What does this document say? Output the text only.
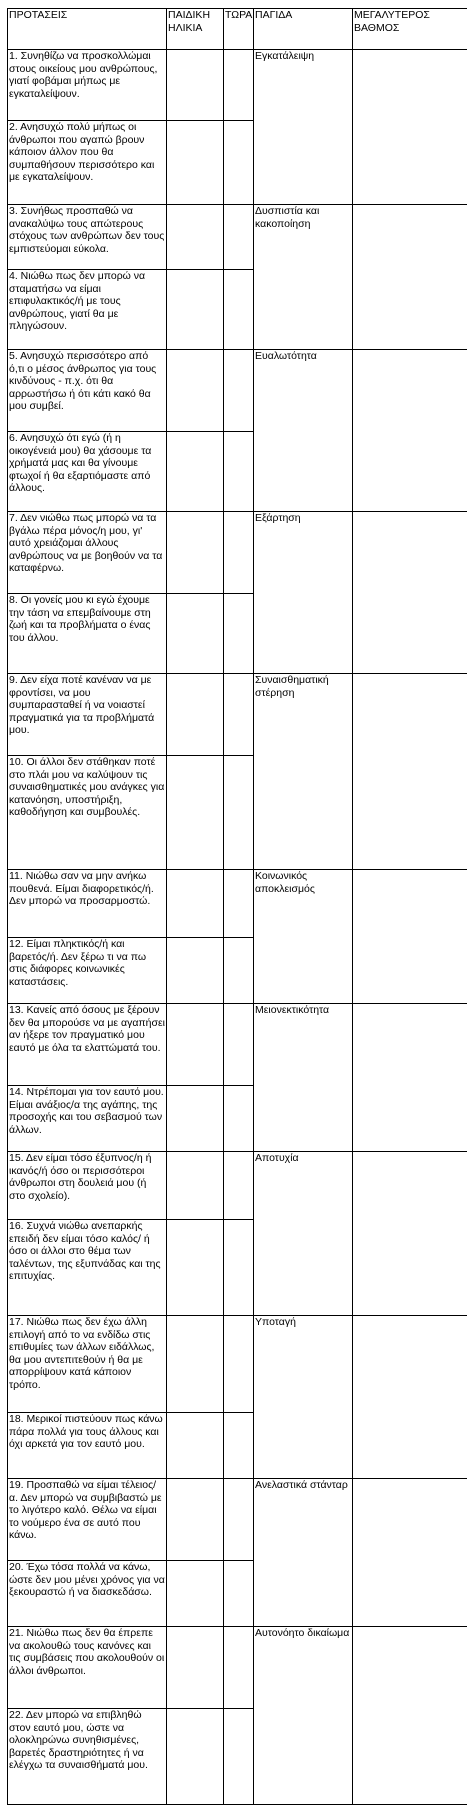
ΠΡΟΤΑΣΕΙΣ	ΠΑΙΔΙΚΗ ΗΛΙΚΙΑ	ΤΩΡΑ	ΠΑΓΙΔΑ	ΜΕΓΑΛΥΤΕΡΟΣ ΒΑΘΜΟΣ
1. Συνηθίζω να προσκολλώμαι στους οικείους μου ανθρώπους, γιατί φοβάμαι μήπως με εγκαταλείψουν.			Εγκατάλειψη	
2. Ανησυχώ πολύ μήπως οι άνθρωποι που αγαπώ βρουν κάποιον άλλον που θα συμπαθήσουν περισσότερο και με εγκαταλείψουν.				
3. Συνήθως προσπαθώ να ανακαλύψω τους απώτερους στόχους των ανθρώπων δεν τους εμπιστεύομαι εύκολα.			Δυσπιστία και κακοποίηση	
4. Νιώθω πως δεν μπορώ να σταματήσω να είμαι επιφυλακτικός/ή με τους ανθρώπους, γιατί θα με πληγώσουν.				
5. Ανησυχώ περισσότερο από ό,τι ο μέσος άνθρωπος για τους κινδύνους - π.χ. ότι θα αρρωστήσω ή ότι κάτι κακό θα μου συμβεί.			Ευαλωτότητα	
6. Ανησυχώ ότι εγώ (ή η οικογένειά μου) θα χάσουμε τα χρήματά μας και θα γίνουμε φτωχοί ή θα εξαρτιόμαστε από άλλους.				
7. Δεν νιώθω πως μπορώ να τα βγάλω πέρα μόνος/η μου, γι' αυτό χρειάζομαι άλλους ανθρώπους να με βοηθούν να τα καταφέρνω.			Εξάρτηση	
8. Οι γονείς μου κι εγώ έχουμε την τάση να επεμβαίνουμε στη ζωή και τα προβλήματα ο ένας του άλλου.				
9. Δεν είχα ποτέ κανέναν να με φροντίσει, να μου συμπαρασταθεί ή να νοιαστεί πραγματικά για τα προβλήματά μου.			Συναισθηματική στέρηση	
10. Οι άλλοι δεν στάθηκαν ποτέ στο πλάι μου να καλύψουν τις συναισθηματικές μου ανάγκες για κατανόηση, υποστήριξη, καθοδήγηση και συμβουλές.				
11. Νιώθω σαν να μην ανήκω πουθενά. Είμαι διαφορετικός/ή. Δεν μπορώ να προσαρμοστώ.			Κοινωνικός αποκλεισμός	
12. Είμαι πληκτικός/ή και βαρετός/ή. Δεν ξέρω τι να πω στις διάφορες κοινωνικές καταστάσεις.				
13. Κανείς από όσους με ξέρουν δεν θα μπορούσε να με αγαπήσει αν ήξερε τον πραγματικό μου εαυτό με όλα τα ελαττώματά του.			Μειονεκτικότητα	
14. Ντρέπομαι για τον εαυτό μου. Είμαι ανάξιος/α της αγάπης, της προσοχής και του σεβασμού των άλλων.				
15. Δεν είμαι τόσο έξυπνος/η ή ικανός/ή όσο οι περισσότεροι άνθρωποι στη δουλειά μου (ή στο σχολείο).			Αποτυχία	
16. Συχνά νιώθω ανεπαρκής επειδή δεν είμαι τόσο καλός/ ή όσο οι άλλοι στο θέμα των ταλέντων, της εξυπνάδας και της επιτυχίας.				
17. Νιώθω πως δεν έχω άλλη επιλογή από το να ενδίδω στις επιθυμίες των άλλων ειδάλλως, θα μου αντεπιτεθούν ή θα με απορρίψουν κατά κάποιον τρόπο.			Υποταγή	
18. Μερικοί πιστεύουν πως κάνω πάρα πολλά για τους άλλους και όχι αρκετά για τον εαυτό μου.				
19. Προσπαθώ να είμαι τέλειος/α. Δεν μπορώ να συμβιβαστώ με το λιγότερο καλό. Θέλω να είμαι το νούμερο ένα σε αυτό που κάνω.			Ανελαστικά στάνταρ	
20. Έχω τόσα πολλά να κάνω, ώστε δεν μου μένει χρόνος για να ξεκουραστώ ή να διασκεδάσω.				
21. Νιώθω πως δεν θα έπρεπε να ακολουθώ τους κανόνες και τις συμβάσεις που ακολουθούν οι άλλοι άνθρωποι.			Αυτονόητο δικαίωμα	
22. Δεν μπορώ να επιβληθώ στον εαυτό μου, ώστε να ολοκληρώνω συνηθισμένες, βαρετές δραστηριότητες ή να ελέγχω τα συναισθήματά μου.				
